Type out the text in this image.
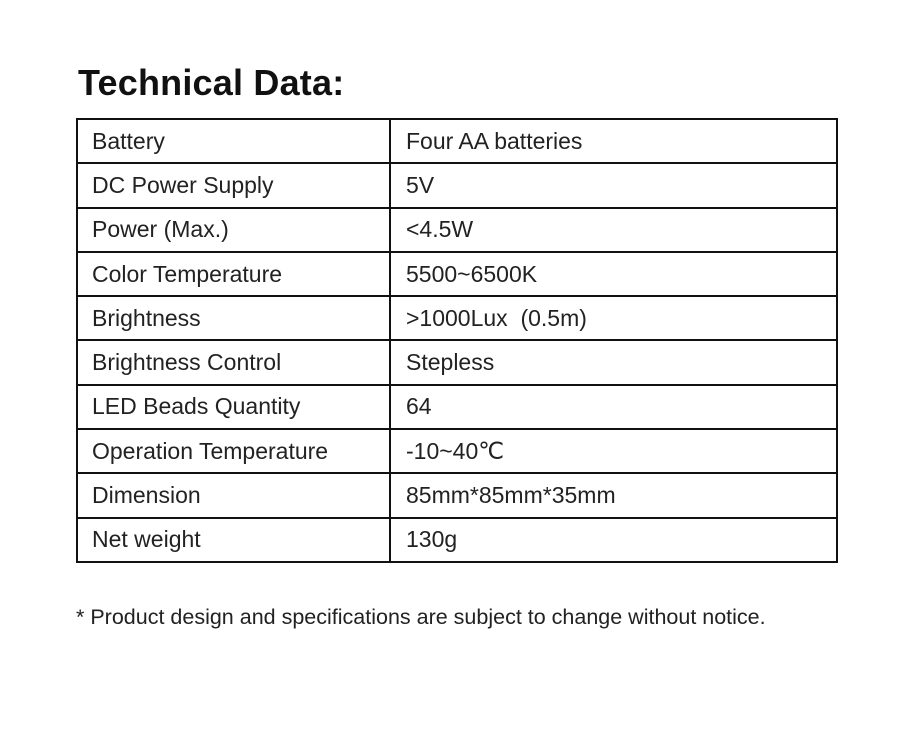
Technical Data:
Battery	Four AA batteries
DC Power Supply	5V
Power (Max.)	<4.5W
Color Temperature	5500~6500K
Brightness	>1000Lux  (0.5m)
Brightness Control	Stepless
LED Beads Quantity	64
Operation Temperature	-10~40℃
Dimension	85mm*85mm*35mm
Net weight	130g

* Product design and specifications are subject to change without notice.
